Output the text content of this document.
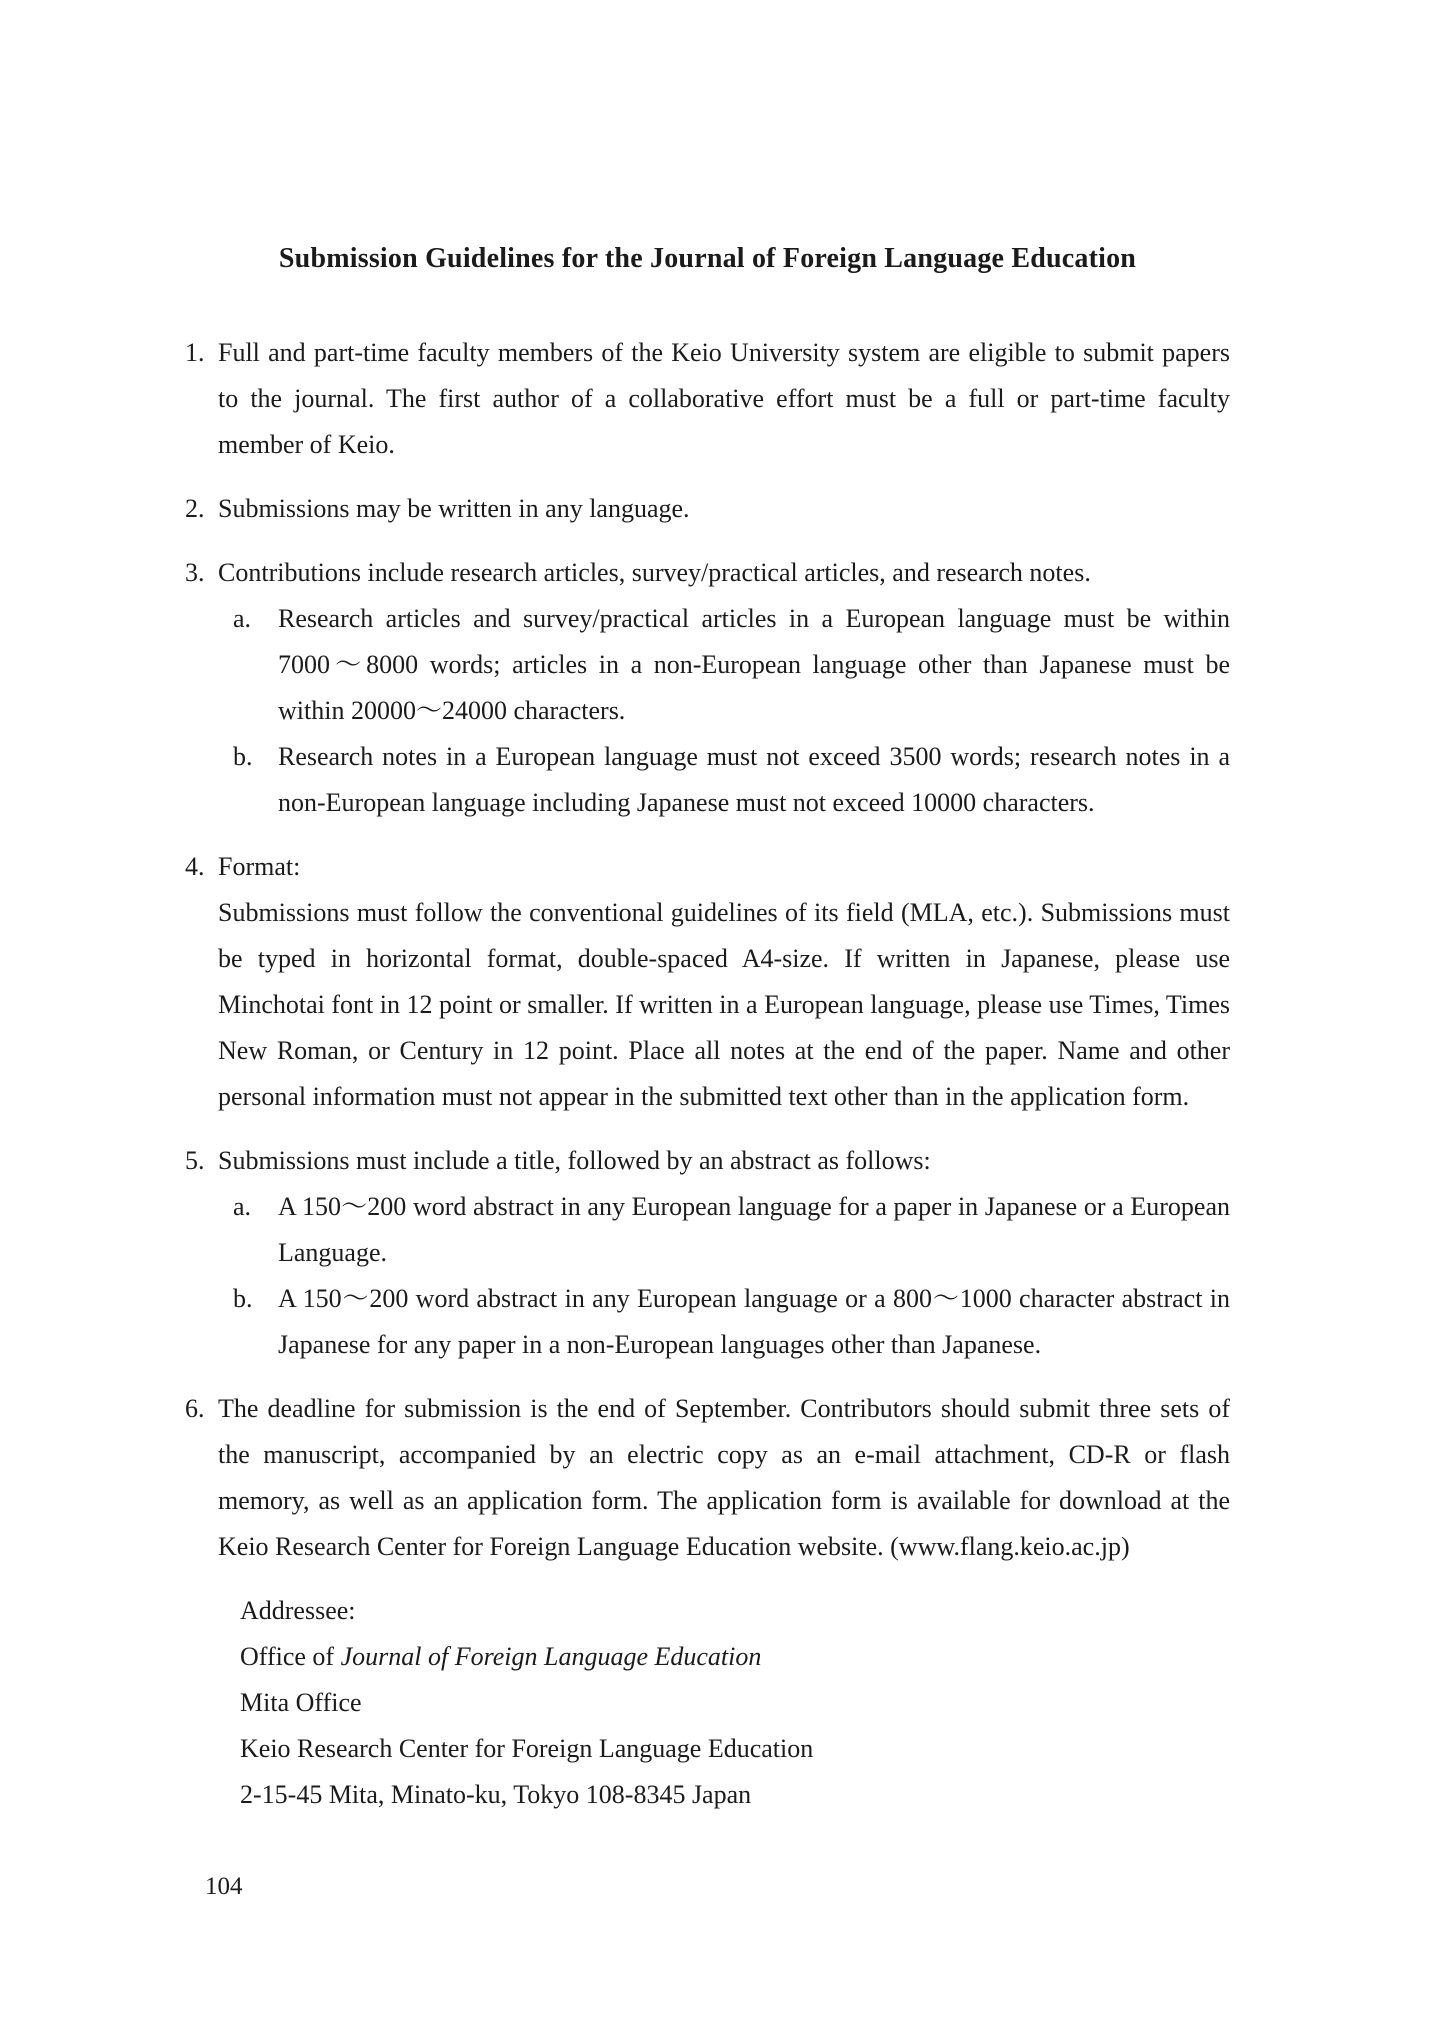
Submission Guidelines for the Journal of Foreign Language Education
1. Full and part-time faculty members of the Keio University system are eligible to submit papers to the journal. The first author of a collaborative effort must be a full or part-time faculty member of Keio.
2. Submissions may be written in any language.
3. Contributions include research articles, survey/practical articles, and research notes.
a.	Research articles and survey/practical articles in a European language must be within 7000〜8000 words; articles in a non-European language other than Japanese must be within 20000〜24000 characters.
b. Research notes in a European language must not exceed 3500 words; research notes in a non-European language including Japanese must not exceed 10000 characters.
4. Format:
Submissions must follow the conventional guidelines of its field (MLA, etc.). Submissions must be typed in horizontal format, double-spaced A4-size. If written in Japanese, please use Minchotai font in 12 point or smaller. If written in a European language, please use Times, Times New Roman, or Century in 12 point. Place all notes at the end of the paper. Name and other personal information must not appear in the submitted text other than in the application form.
5. Submissions must include a title, followed by an abstract as follows:
a.	A 150〜200 word abstract in any European language for a paper in Japanese or a European Language.
b. A 150〜200 word abstract in any European language or a 800〜1000 character abstract in Japanese for any paper in a non-European languages other than Japanese.
6. The deadline for submission is the end of September. Contributors should submit three sets of the manuscript, accompanied by an electric copy as an e-mail attachment, CD-R or flash memory, as well as an application form. The application form is available for download at the Keio Research Center for Foreign Language Education website. (www.flang.keio.ac.jp)
Addressee:
Office of Journal of Foreign Language Education
Mita Office
Keio Research Center for Foreign Language Education
2-15-45 Mita, Minato-ku, Tokyo 108-8345 Japan
104
